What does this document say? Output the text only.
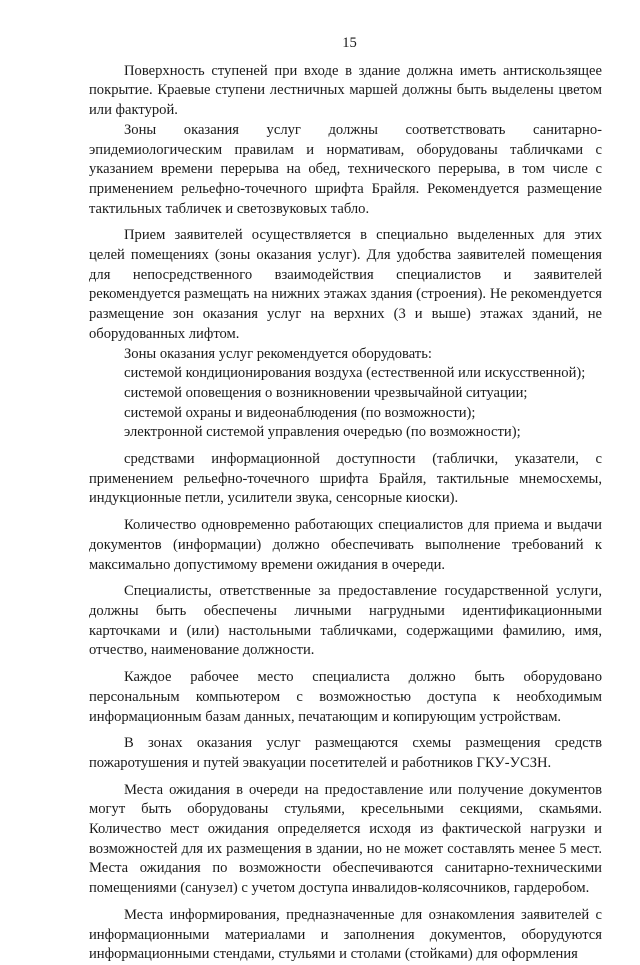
15

Поверхность ступеней при входе в здание должна иметь антискользящее покрытие. Краевые ступени лестничных маршей должны быть выделены цветом или фактурой.

Зоны оказания услуг должны соответствовать санитарно-эпидемиологическим правилам и нормативам, оборудованы табличками с указанием времени перерыва на обед, технического перерыва, в том числе с применением рельефно-точечного шрифта Брайля. Рекомендуется размещение тактильных табличек и светозвуковых табло.

Прием заявителей осуществляется в специально выделенных для этих целей помещениях (зоны оказания услуг). Для удобства заявителей помещения для непосредственного взаимодействия специалистов и заявителей рекомендуется размещать на нижних этажах здания (строения). Не рекомендуется размещение зон оказания услуг на верхних (3 и выше) этажах зданий, не оборудованных лифтом.

Зоны оказания услуг рекомендуется оборудовать:

системой кондиционирования воздуха (естественной или искусственной);

системой оповещения о возникновении чрезвычайной ситуации;

системой охраны и видеонаблюдения (по возможности);

электронной системой управления очередью (по возможности);

средствами информационной доступности (таблички, указатели, с применением рельефно-точечного шрифта Брайля, тактильные мнемосхемы, индукционные петли, усилители звука, сенсорные киоски).

Количество одновременно работающих специалистов для приема и выдачи документов (информации) должно обеспечивать выполнение требований к максимально допустимому времени ожидания в очереди.

Специалисты, ответственные за предоставление государственной услуги, должны быть обеспечены личными нагрудными идентификационными карточками и (или) настольными табличками, содержащими фамилию, имя, отчество, наименование должности.

Каждое рабочее место специалиста должно быть оборудовано персональным компьютером с возможностью доступа к необходимым информационным базам данных, печатающим и копирующим устройствам.

В зонах оказания услуг размещаются схемы размещения средств пожаротушения и путей эвакуации посетителей и работников ГКУ-УСЗН.

Места ожидания в очереди на предоставление или получение документов могут быть оборудованы стульями, кресельными секциями, скамьями. Количество мест ожидания определяется исходя из фактической нагрузки и возможностей для их размещения в здании, но не может составлять менее 5 мест. Места ожидания по возможности обеспечиваются санитарно-техническими помещениями (санузел) с учетом доступа инвалидов-колясочников, гардеробом.

Места информирования, предназначенные для ознакомления заявителей с информационными материалами и заполнения документов, оборудуются информационными стендами, стульями и столами (стойками) для оформления
